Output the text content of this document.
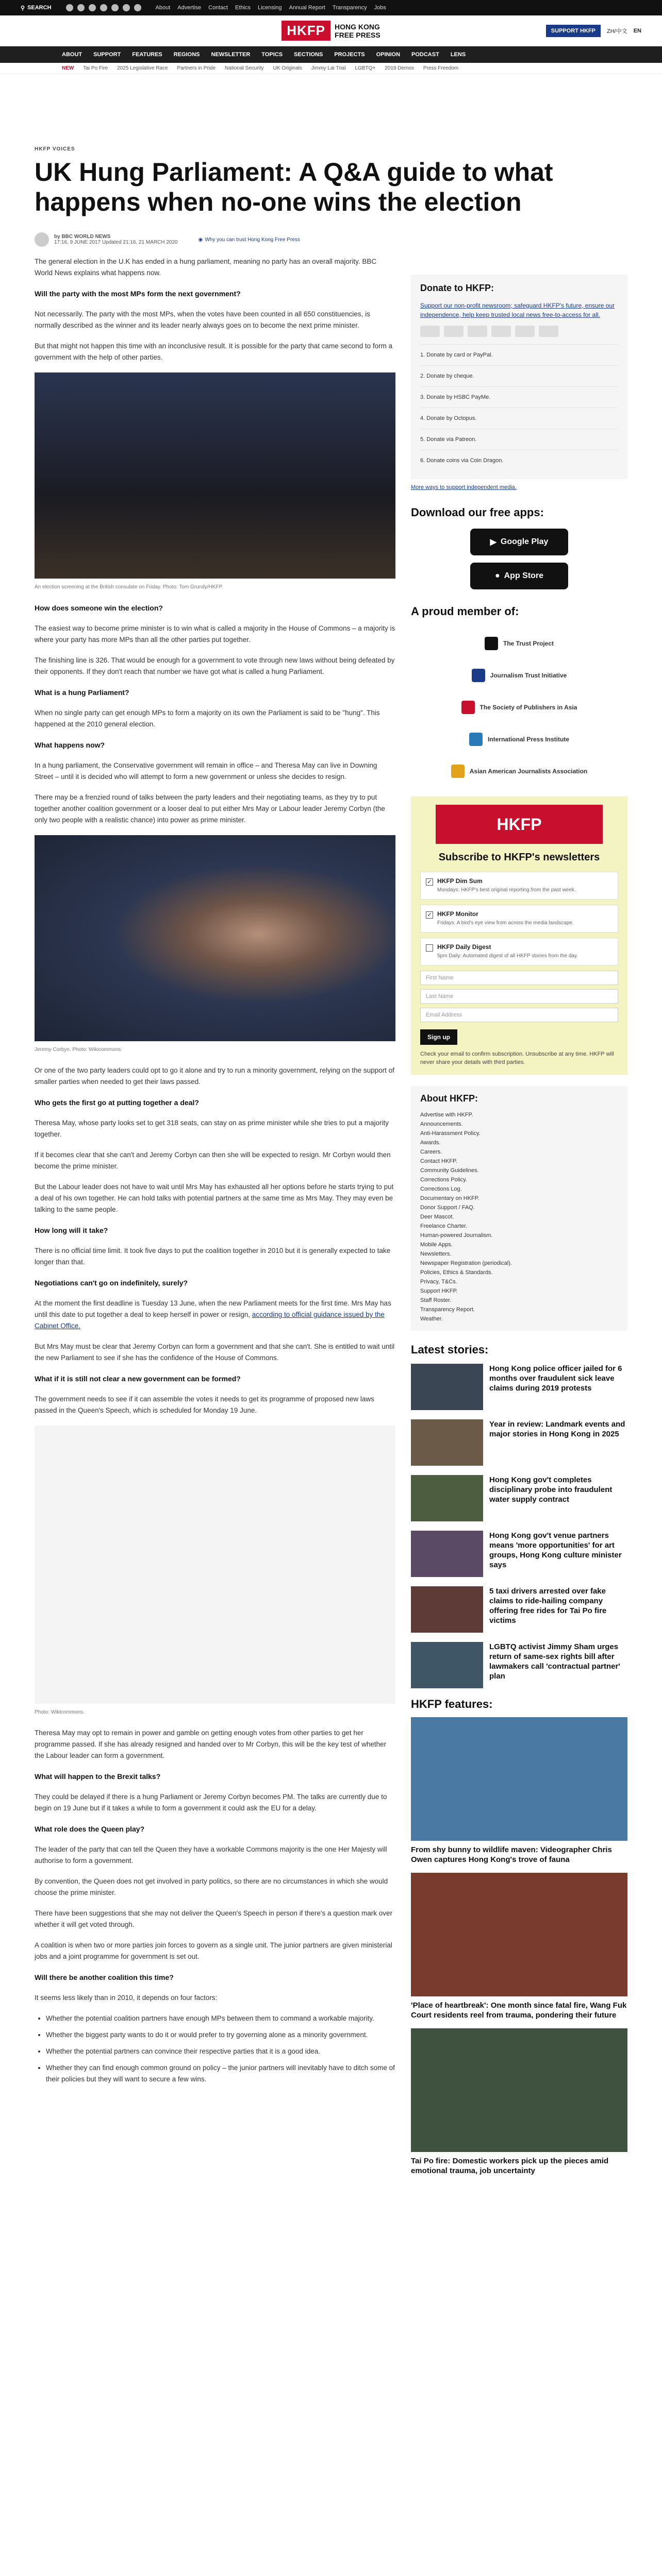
⚲ SEARCH	About Advertise Contact Ethics Licensing Annual Report Transparency Jobs
HKFP	HONG KONG
FREE PRESS	SUPPORT HKFP	ZH/中文 EN
ABOUT SUPPORT FEATURES REGIONS NEWSLETTER TOPICS SECTIONS PROJECTS OPINION PODCAST LENS
NEW Tai Po Fire 2025 Legislative Race Partners in Pride National Security UK Originals Jimmy Lai Trial LGBTQ+ 2019 Demos Press Freedom
HKFP VOICES
UK Hung Parliament: A Q&A guide to what happens when no-one wins the election
by BBC WORLD NEWS
17:16, 9 JUNE 2017 Updated 21:16, 21 MARCH 2020	◉ Why you can trust Hong Kong Free Press

The general election in the U.K has ended in a hung parliament, meaning no party has an overall majority. BBC World News explains what happens now.

Will the party with the most MPs form the next government?

Not necessarily. The party with the most MPs, when the votes have been counted in all 650 constituencies, is normally described as the winner and its leader nearly always goes on to become the next prime minister.

But that might not happen this time with an inconclusive result. It is possible for the party that came second to form a government with the help of other parties.

An election screening at the British consulate on Friday. Photo: Tom Grundy/HKFP.

How does someone win the election?

The easiest way to become prime minister is to win what is called a majority in the House of Commons – a majority is where your party has more MPs than all the other parties put together.

The finishing line is 326. That would be enough for a government to vote through new laws without being defeated by their opponents. If they don't reach that number we have got what is called a hung Parliament.

What is a hung Parliament?

When no single party can get enough MPs to form a majority on its own the Parliament is said to be "hung". This happened at the 2010 general election.

What happens now?

In a hung parliament, the Conservative government will remain in office – and Theresa May can live in Downing Street – until it is decided who will attempt to form a new government or unless she decides to resign.

There may be a frenzied round of talks between the party leaders and their negotiating teams, as they try to put together another coalition government or a looser deal to put either Mrs May or Labour leader Jeremy Corbyn (the only two people with a realistic chance) into power as prime minister.

Jeremy Corbyn. Photo: Wikicommons.

Or one of the two party leaders could opt to go it alone and try to run a minority government, relying on the support of smaller parties when needed to get their laws passed.

Who gets the first go at putting together a deal?

Theresa May, whose party looks set to get 318 seats, can stay on as prime minister while she tries to put a majority together.

If it becomes clear that she can't and Jeremy Corbyn can then she will be expected to resign. Mr Corbyn would then become the prime minister.

But the Labour leader does not have to wait until Mrs May has exhausted all her options before he starts trying to put a deal of his own together. He can hold talks with potential partners at the same time as Mrs May. They may even be talking to the same people.

How long will it take?

There is no official time limit. It took five days to put the coalition together in 2010 but it is generally expected to take longer than that.

Negotiations can't go on indefinitely, surely?

At the moment the first deadline is Tuesday 13 June, when the new Parliament meets for the first time. Mrs May has until this date to put together a deal to keep herself in power or resign, according to official guidance issued by the Cabinet Office.

But Mrs May must be clear that Jeremy Corbyn can form a government and that she can't. She is entitled to wait until the new Parliament to see if she has the confidence of the House of Commons.

What if it is still not clear a new government can be formed?

The government needs to see if it can assemble the votes it needs to get its programme of proposed new laws passed in the Queen's Speech, which is scheduled for Monday 19 June.

Photo: Wikicommons.

Theresa May may opt to remain in power and gamble on getting enough votes from other parties to get her programme passed. If she has already resigned and handed over to Mr Corbyn, this will be the key test of whether the Labour leader can form a government.

What will happen to the Brexit talks?

They could be delayed if there is a hung Parliament or Jeremy Corbyn becomes PM. The talks are currently due to begin on 19 June but if it takes a while to form a government it could ask the EU for a delay.

What role does the Queen play?

The leader of the party that can tell the Queen they have a workable Commons majority is the one Her Majesty will authorise to form a government.

By convention, the Queen does not get involved in party politics, so there are no circumstances in which she would choose the prime minister.

There have been suggestions that she may not deliver the Queen's Speech in person if there's a question mark over whether it will get voted through.

A coalition is when two or more parties join forces to govern as a single unit. The junior partners are given ministerial jobs and a joint programme for government is set out.

Will there be another coalition this time?

It seems less likely than in 2010, it depends on four factors:

• Whether the potential coalition partners have enough MPs between them to command a workable majority.
• Whether the biggest party wants to do it or would prefer to try governing alone as a minority government.
• Whether the potential partners can convince their respective parties that it is a good idea.
• Whether they can find enough common ground on policy – the junior partners will inevitably have to ditch some of their policies but they will want to secure a few wins.
Donate to HKFP:

Support our non-profit newsroom; safeguard HKFP's future, ensure our independence, help keep trusted local news free-to-access for all.

1. Donate by card or PayPal.
2. Donate by cheque.
3. Donate by HSBC PayMe.
4. Donate by Octopus.
5. Donate via Patreon.
6. Donate coins via Coin Dragon.

More ways to support independent media.

Download our free apps:
▶ Google Play
● App Store
A proud member of:
The Trust Project
Journalism Trust Initiative
The Society of Publishers in Asia
International Press Institute
Asian American Journalists Association
HKFP
Subscribe to HKFP's newsletters
✓ HKFP Dim Sum
Mondays: HKFP's best original reporting from the past week.
✓ HKFP Monitor
Fridays: A bird's eye view from across the media landscape.
HKFP Daily Digest
5pm Daily: Automated digest of all HKFP stories from the day.
First Name
Last Name
Email Address
Sign up

Check your email to confirm subscription. Unsubscribe at any time. HKFP will never share your details with third parties.

About HKFP:
Advertise with HKFP.
Announcements.
Anti-Harassment Policy.
Awards.
Careers.
Contact HKFP.
Community Guidelines.
Corrections Policy.
Corrections Log.
Documentary on HKFP.
Donor Support / FAQ.
Deer Mascot.
Freelance Charter.
Human-powered Journalism.
Mobile Apps.
Newsletters.
Newspaper Registration (periodical).
Policies, Ethics & Standards.
Privacy, T&Cs.
Support HKFP.
Staff Roster.
Transparency Report.
Weather.
Latest stories:
Hong Kong police officer jailed for 6 months over fraudulent sick leave claims during 2019 protests
Year in review: Landmark events and major stories in Hong Kong in 2025
Hong Kong gov't completes disciplinary probe into fraudulent water supply contract
Hong Kong gov't venue partners means 'more opportunities' for art groups, Hong Kong culture minister says
5 taxi drivers arrested over fake claims to ride-hailing company offering free rides for Tai Po fire victims
LGBTQ activist Jimmy Sham urges return of same-sex rights bill after lawmakers call 'contractual partner' plan
HKFP features:
From shy bunny to wildlife maven: Videographer Chris Owen captures Hong Kong's trove of fauna
'Place of heartbreak': One month since fatal fire, Wang Fuk Court residents reel from trauma, pondering their future
Tai Po fire: Domestic workers pick up the pieces amid emotional trauma, job uncertainty
